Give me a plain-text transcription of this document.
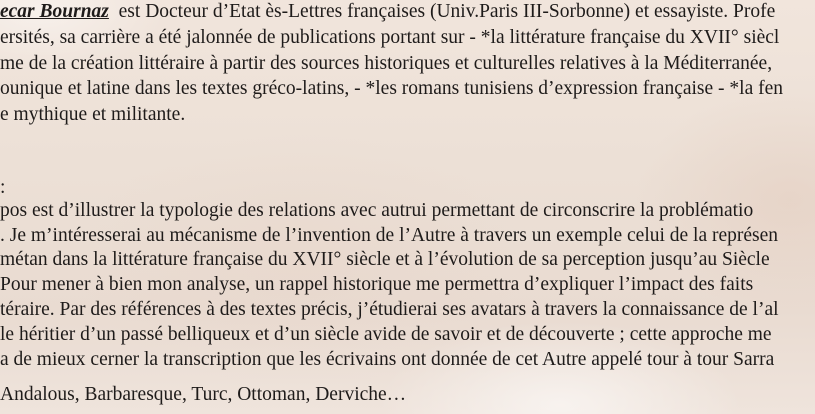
ecar Bournaz  est Docteur d’Etat ès-Lettres françaises (Univ.Paris III-Sorbonne) et essayiste. Profe
ersités, sa carrière a été jalonnée de publications portant sur - *la littérature française du XVII° siècl
me de la création littéraire à partir des sources historiques et culturelles relatives à la Méditerranée,
ounique et latine dans les textes gréco-latins, - *les romans tunisiens d’expression française - *la fen
e mythique et militante.
:
pos est d’illustrer la typologie des relations avec autrui permettant de circonscrire la problématio
. Je m’intéresserai au mécanisme de l’invention de l’Autre à travers un exemple celui de la représen
métan dans la littérature française du XVII° siècle et à l’évolution de sa perception jusqu’au Siècle
Pour mener à bien mon analyse, un rappel historique me permettra d’expliquer l’impact des faits
téraire. Par des références à des textes précis, j’étudierai ses avatars à travers la connaissance de l’al
le héritier d’un passé belliqueux et d’un siècle avide de savoir et de découverte ; cette approche me
a de mieux cerner la transcription que les écrivains ont donnée de cet Autre appelé tour à tour Sarra
Andalous, Barbaresque, Turc, Ottoman, Derviche…
